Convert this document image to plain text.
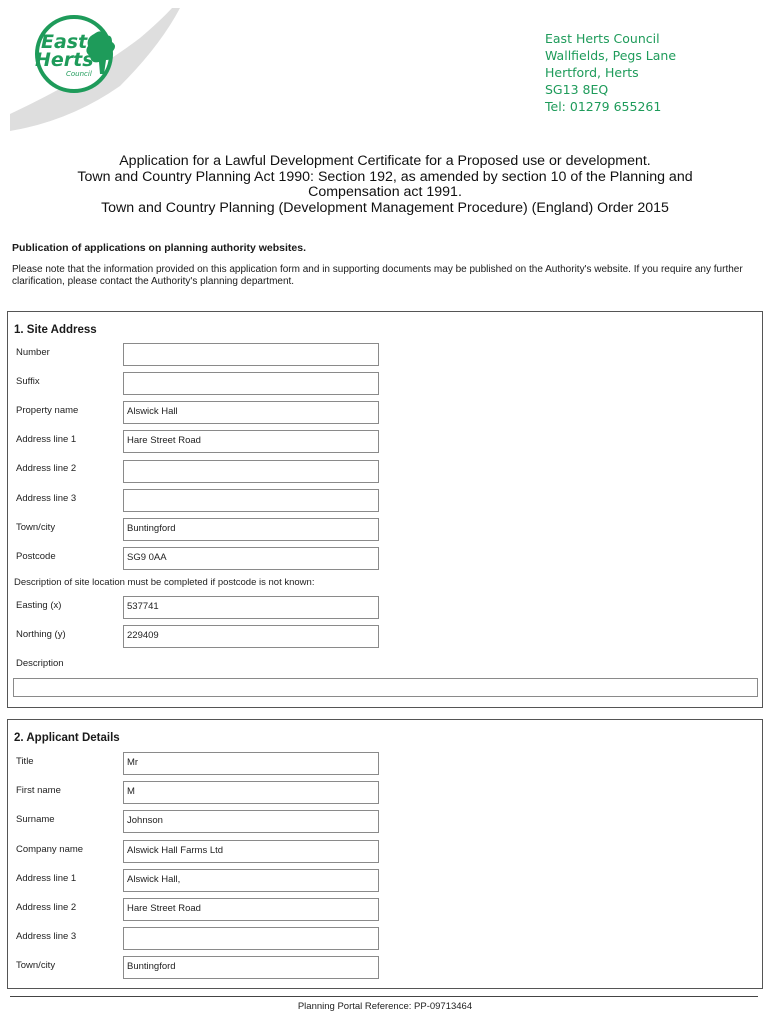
East
Herts
Council
East Herts Council
Wallfields, Pegs Lane
Hertford, Herts
SG13 8EQ
Tel: 01279 655261
Application for a Lawful Development Certificate for a Proposed use or development.
Town and Country Planning Act 1990: Section 192, as amended by section 10 of the Planning and
Compensation act 1991.
Town and Country Planning (Development Management Procedure) (England) Order 2015
Publication of applications on planning authority websites.
Please note that the information provided on this application form and in supporting documents may be published on the Authority's website. If you require any further clarification, please contact the Authority's planning department.
1. Site Address
Number
Suffix
Property name	Alswick Hall
Address line 1	Hare Street Road
Address line 2
Address line 3
Town/city	Buntingford
Postcode	SG9 0AA
Description of site location must be completed if postcode is not known:
Easting (x)	537741
Northing (y)	229409
Description
2. Applicant Details
Title	Mr
First name	M
Surname	Johnson
Company name	Alswick Hall Farms Ltd
Address line 1	Alswick Hall,
Address line 2	Hare Street Road
Address line 3
Town/city	Buntingford
Planning Portal Reference: PP-09713464
